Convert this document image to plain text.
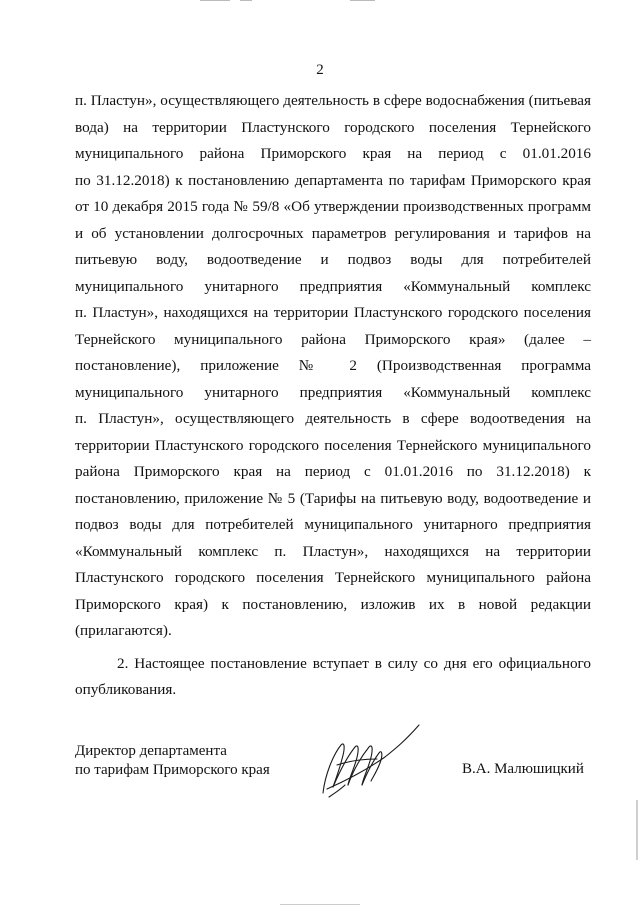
2
п. Пластун», осуществляющего деятельность в сфере водоснабжения (питьевая
вода) на территории Пластунского городского поселения Тернейского
муниципального района Приморского края на период с 01.01.2016
по 31.12.2018) к постановлению департамента по тарифам Приморского края
от 10 декабря 2015 года № 59/8 «Об утверждении производственных программ
и об установлении долгосрочных параметров регулирования и тарифов на
питьевую воду, водоотведение и подвоз воды для потребителей
муниципального унитарного предприятия «Коммунальный комплекс
п. Пластун», находящихся на территории Пластунского городского поселения
Тернейского муниципального района Приморского края» (далее –
постановление), приложение № 2 (Производственная программа
муниципального унитарного предприятия «Коммунальный комплекс
п. Пластун», осуществляющего деятельность в сфере водоотведения на
территории Пластунского городского поселения Тернейского муниципального
района Приморского края на период с 01.01.2016 по 31.12.2018) к
постановлению, приложение № 5 (Тарифы на питьевую воду, водоотведение и
подвоз воды для потребителей муниципального унитарного предприятия
«Коммунальный комплекс п. Пластун», находящихся на территории
Пластунского городского поселения Тернейского муниципального района
Приморского края) к постановлению, изложив их в новой редакции
(прилагаются).
2. Настоящее постановление вступает в силу со дня его официального
опубликования.
Директор департамента
по тарифам Приморского края	В.А. Малюшицкий
